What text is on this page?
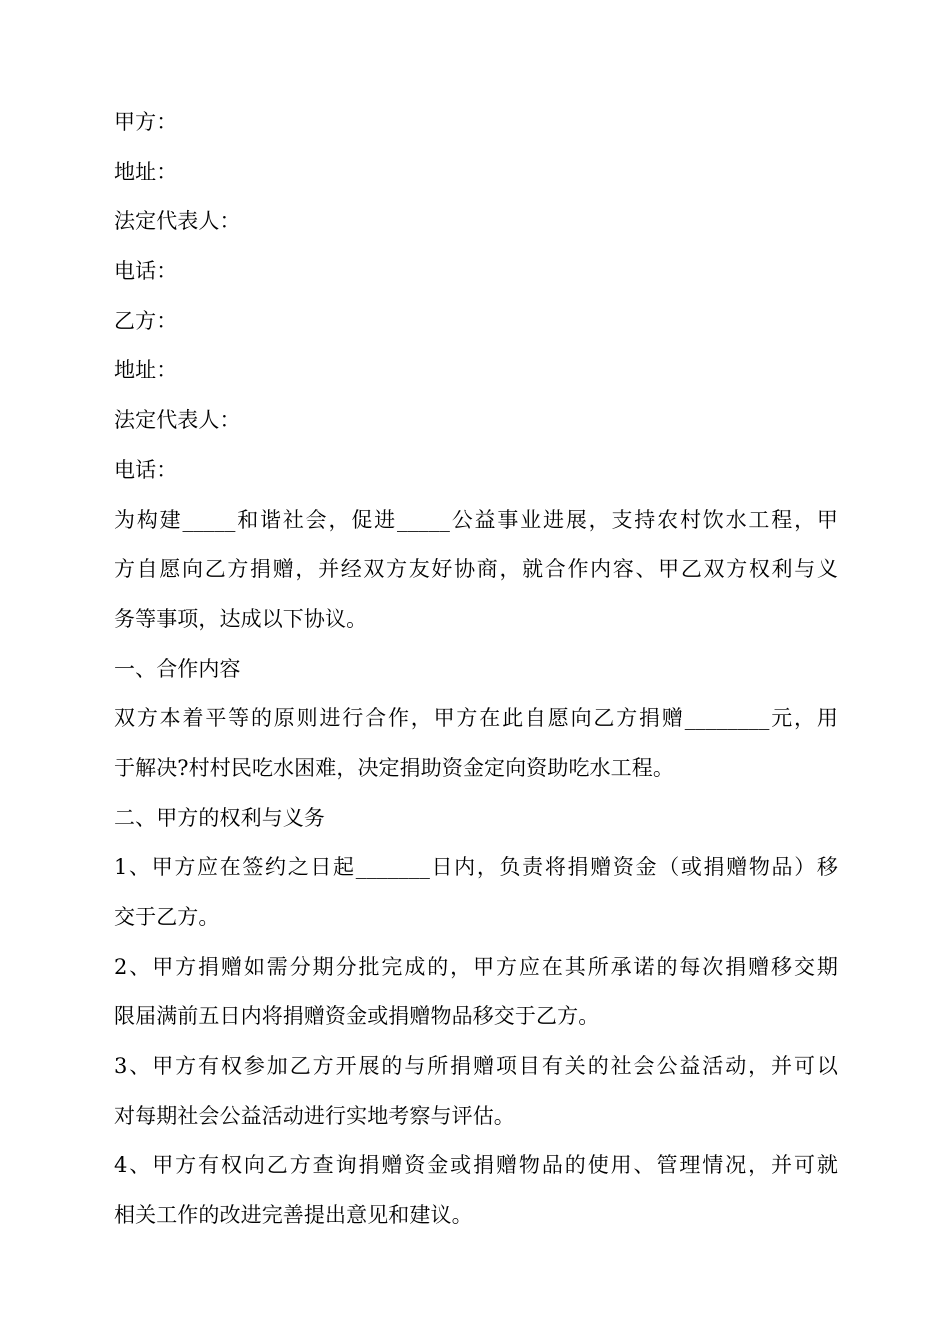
甲方：
地址：
法定代表人：
电话：
乙方：
地址：
法定代表人：
电话：
为构建_____和谐社会，促进_____公益事业进展，支持农村饮水工程，甲
方自愿向乙方捐赠，并经双方友好协商，就合作内容、甲乙双方权利与义
务等事项，达成以下协议。
一、合作内容
双方本着平等的原则进行合作，甲方在此自愿向乙方捐赠________元，用
于解决?村村民吃水困难，决定捐助资金定向资助吃水工程。
二、甲方的权利与义务
1、甲方应在签约之日起_______日内，负责将捐赠资金（或捐赠物品）移
交于乙方。
2、甲方捐赠如需分期分批完成的，甲方应在其所承诺的每次捐赠移交期
限届满前五日内将捐赠资金或捐赠物品移交于乙方。
3、甲方有权参加乙方开展的与所捐赠项目有关的社会公益活动，并可以
对每期社会公益活动进行实地考察与评估。
4、甲方有权向乙方查询捐赠资金或捐赠物品的使用、管理情况，并可就
相关工作的改进完善提出意见和建议。
